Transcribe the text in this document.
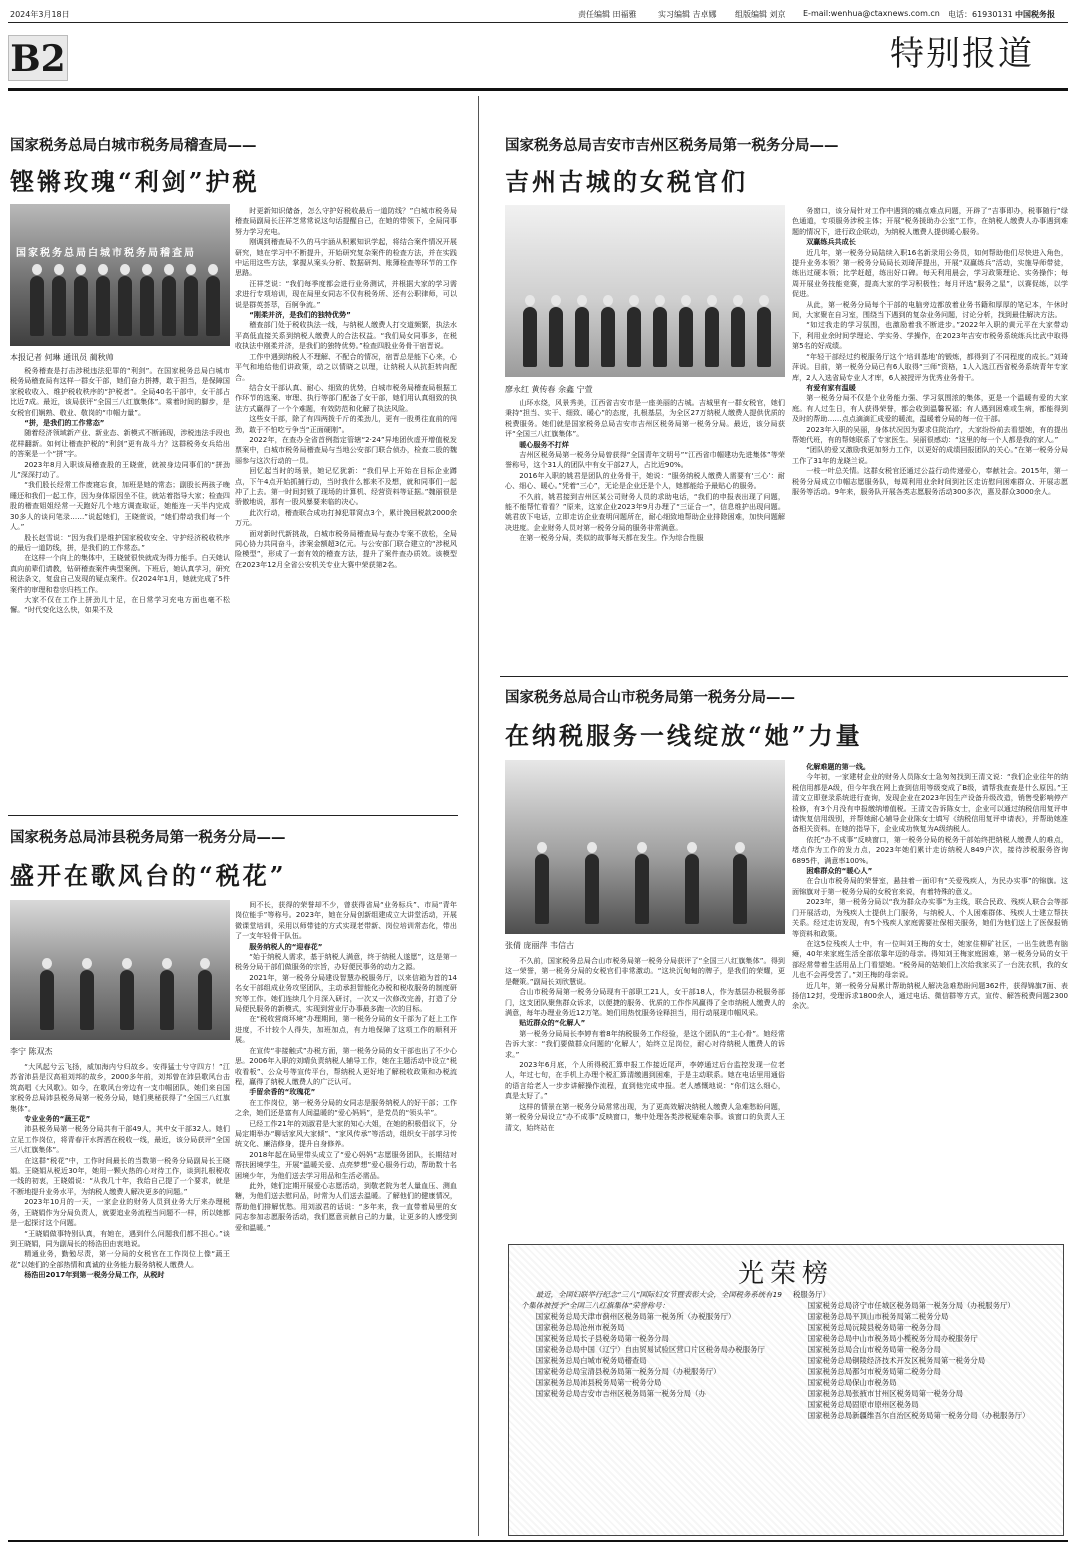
2024年3月18日	责任编辑 田福雅	实习编辑 吉卓娜 组版编辑 刘京 E-mail:wenhua@ctaxnews.com.cn 电话：61930131 中国税务报
B2	特别报道
国家税务总局白城市税务局稽查局——
铿锵玫瑰“利剑”护税
国家税务总局白城市税务局稽查局
本报记者 何琳 通讯员 蔺秋帅

税务稽查是打击涉税违法犯罪的“利剑”。在国家税务总局白城市税务局稽查局有这样一群女干部，她们奋力拼搏，敢于担当，是保障国家税收收入、维护税收秩序的“护税者”。全局40名干部中，女干部占比近7成。最近，该局获评“全国三八红旗集体”。乘着时间的脚步，是女税官们娴熟、敬业、敬岗的“巾帼力量”。

“拼，是我们的工作常态”

随着经济领域新产业、新业态、新模式不断涌现，涉税违法手段也花样翻新。如何让稽查护税的“利剑”更有战斗力？这群税务女兵给出的答案是一个“拼”字。

2023年8月入职该局稽查股的王晓萱，就被身边同事们的“拼劲儿”深深打动了。

“我们股长经常工作废寝忘食，加班是她的常态；副股长两孩子晚睡还和我们一起工作，因为身体原因坐不住，就站着指导大家；检查四股的稽查姐姐经常一天跑好几个地方调查取证，她能连一天半内完成30多人的谈问笔录……”说起她们，王晓萱说，“她们带动我们每一个人。”

股长赵雪说：“因为我们是维护国家税收安全、守护经济税收秩序的最后一道防线，拼，是我们的工作常态。”

在这样一个向上的集体中，王晓萱很快就成为得力能手。白天她认真向前辈们请教，钻研稽查案件典型案例。下班后，她认真学习，研究税法条文，复盘自己发现的疑点案件。仅2024年1月，她就完成了5件案件的审理和卷宗归档工作。

大家不仅在工作上拼劲儿十足，在日常学习充电方面也毫不松懈。“时代变化这么快，如果不及

时更新知识储备，怎么守护好税收最后一道防线？”白城市税务局稽查局副局长汪祥芝常常说这句话提醒自己，在她的带领下，全局同事努力学习充电。

刚调到稽查局不久的马宇涵从积累知识学起，将结合案件情况开展研究，她在学习中不断提升，开始研究复杂案件的检查方法，并在实践中运用这些方法，掌握从案头分析、数据研判、账簿检查等环节的工作思路。

汪祥芝说：“我们每季度都会进行业务测试，并根据大家的学习需求进行专项培训，现在局里女同志不仅有税务所、还有公职律师，可以说是群英荟萃，百舸争流。”

“刚柔并济，是我们的独特优势”

稽查部门处于税收执法一线，与纳税人缴费人打交道频繁，执法水平高低直接关系到纳税人缴费人的合法权益。“我们局女同事多，在税收执法中刚柔并济，是我们的独特优势。”检查四股业务骨干宿晋说。

工作中遇到纳税人不理解、不配合的情况，宿晋总是能下心来，心平气和地给他们讲政策，动之以情晓之以理，让纳税人从抗拒转向配合。

结合女干部认真、耐心、细致的优势，白城市税务局稽查局根据工作环节的选案、审理、执行等部门配备了女干部，她们用认真细致的执法方式赢得了一个个难题，有效防范和化解了执法风险。

这些女干部，除了有四两拨千斤的柔劲儿，更有一股勇往直前的闯劲，敢于不怕吃亏争当“正面硬刚”。

2022年，在查办全省首例指定管辖“2·24”异地团伙虚开增值税发票案中，白城市税务局稽查局与当地公安部门联合侦办，检查二股的魏丽参与这次行动的一员。

回忆起当时的场景，她记忆犹新：“我们早上开始在目标企业蹲点，下午4点开始抓捕行动，当时我什么都来不及想，就和同事们一起冲了上去。第一时间封锁了现场的计算机、经营资料等证据。”魏丽很是骄傲地说，那有一股风暴要来临的决心。

此次行动，稽查联合成功打掉犯罪窝点3个，累计挽回税款2000余万元。

面对新时代新挑战，白城市税务局稽查局与查办专案不放松，全局同心协力共同奋斗，涉案金额超3亿元。与公安部门联合建立的“涉税风险模型”，形成了一套有效的稽查方法，提升了案件查办质效。该模型在2023年12月全省公安机关专业大赛中荣获第2名。

国家税务总局沛县税务局第一税务分局——
盛开在歌风台的“税花”
李宁 陈双杰

“大风起兮云飞扬，威加海内兮归故乡。安得猛士兮守四方！”江苏省沛县是汉高祖刘邦的故乡，2000多年前，刘邦曾在沛县歌风台击筑高唱《大风歌》。如今，在歌风台旁边有一支巾帼团队，她们来自国家税务总局沛县税务局第一税务分局，她们奥秘获得了“全国三八红旗集体”。

专业业务的“蔬王花”

沛县税务局第一税务分局共有干部49人，其中女干部32人。她们立足工作岗位，将青春汗水挥洒在税收一线，最近，该分局获评“全国三八红旗集体”。

在这群“税花”中，工作时间最长的当数第一税务分局副局长王晓娟。王晓娟从税近30年，她用一颗火热的心对待工作，谈到扎根税收一线的初衷，王晓娟说：“从我几十年，我给自己提了一个要求，就是不断地提升业务水平，为纳税人缴费人解决更多的问题。”

2023年10月的一天，一家企业的财务人员到业务大厅来办理税务，王晓娟作为分局负责人，就要追业务流程当问题不一样，所以她都是一起探讨这个问题。

“王晓娟做事特别认真，有她在，遇到什么问题我们都不担心。”谈到王晓娟，同为副局长的杨浩田由衷地说。

精通业务，勤勉尽责，第一分局的女税官在工作岗位上像“蔬王花”以她们的全部热情和真诚的业务能力服务纳税人缴费人。

杨浩田2017年到第一税务分局工作，从税时

间不长，获得的荣誉却不少，曾获得省局“业务标兵”、市局“青年岗位能手”等称号。2023年，她在分局创新组建成立大讲堂活动，开展微课堂培训，采用以师带徒的方式实现老带新、岗位培训常态化，带出了一支年轻骨干队伍。

服务纳税人的“迎春花”

“始于纳税人需求，基于纳税人满意，终于纳税人遂愿”，这是第一税务分局干部们做服务的宗旨，办好便民事务的动力之源。

2021年，第一税务分局建设智慧办税服务厅，以来信箱为首的14名女干部组成业务攻坚团队，主动承担智能化办税和税收服务的制度研究等工作。她们连续几个月深入研讨，一次又一次修改完善，打造了分局便民服务的新模式，实现到营业厅办事最多跑一次的目标。

在“税收营商环境”办理期间，第一税务分局的女干部为了赶上工作进度，不计较个人得失，加班加点，有力地保障了这项工作的顺利开展。

在宣传“非接触式”办税方面，第一税务分局的女干部也出了不少心思。2006年入职的刘晴负责纳税人辅导工作，她在主题活动中设立“税收看板”、公众号等宣传平台，帮纳税人更好地了解税收政策和办税流程，赢得了纳税人缴费人的广泛认可。

手留余香的“玫瑰花”

在工作岗位，第一税务分局的女同志是服务纳税人的好干部；工作之余，她们还是富有人间温暖的“爱心妈妈”，是党员的“领头羊”。

已经工作21年的刘淑君是大家的知心大姐，在她的积极倡议下，分局定期举办“聊话家风大家倾”、“家风传承”等活动，组织女干部学习传统文化、廉洁修身，提升自身修养。

2018年起在局里带头成立了“爱心妈妈”志愿服务团队，长期结对帮扶困境学生，开展“温暖关爱、点亮梦想”爱心服务行动，帮助数十名困境少年，为他们送去学习用品和生活必需品。

此外，她们定期开展爱心志愿活动，到敬老院为老人量血压、测血糖，为他们送去慰问品，时常为人们送去温暖。了解他们的健康情况，帮助他们排解忧愁。用刘淑君的话说：“多年来，我一直带着局里的女同志参加志愿服务活动，我们愿意贡献自己的力量，让更多的人感受到爱和温暖。”

国家税务总局吉安市吉州区税务局第一税务分局——
吉州古城的女税官们
廖永红 黄传春 余鑫 宁萱

山环水绕，风景秀美，江西省吉安市是一座美丽的古城。吉城里有一群女税官，她们秉持“担当、实干、细致、暖心”的态度，扎根基层，为全区27万纳税人缴费人提供优质的税费服务。她们就是国家税务总局吉安市吉州区税务局第一税务分局。最近，该分局获评“全国三八红旗集体”。

暖心服务不打烊

吉州区税务局第一税务分局曾获得“全国青年文明号”“江西省巾帼建功先进集体”等荣誉称号，这个31人的团队中有女干部27人，占比近90%。

2016年入职的姚君是团队的业务骨干，她说：“服务纳税人缴费人需要有‘三心’：耐心、细心、暖心。”凭着“三心”，无论是企业还是个人，她都能给予最贴心的服务。

不久前，姚君接到吉州区某公司财务人员的求助电话，“我们的申报表出现了问题，能不能帮忙看看？”原来，这家企业2023年9月办理了“三证合一”，信息维护出现问题。姚君放下电话，立即走访企业查明问题所在，耐心细致地帮助企业排除困难，加快问题解决进度。企业财务人员对第一税务分局的服务非常满意。

在第一税务分局，类似的故事每天都在发生。作为综合性服

务窗口，该分局针对工作中遇到的痛点难点问题，开辟了“吉事即办，税事随行”绿色通道，专项服务涉税主体；开展“税务援助办公室”工作，在纳税人缴费人办事遇到难题的情况下，进行政企联动，为纳税人缴费人提供暖心服务。

双赢练兵共成长

近几年，第一税务分局陆续入职16名新录用公务员，如何帮助他们尽快进入角色，提升业务本领？第一税务分局局长刘琦萍提出，开展“双赢练兵”活动，实施导师带徒，练出过硬本领；比学赶超，练出好口碑。每天利用晨会，学习政策理论、实务操作；每周开展业务技能竞赛，提高大家的学习积极性；每月评选“服务之星”，以赛促练，以学促进。

从此，第一税务分局每个干部的电脑旁边都放着业务书籍和厚厚的笔记本，午休时间，大家聚在自习室，围绕当下遇到的复杂业务问题，讨论分析，找到最佳解决方法。

“如过我走的学习氛围，也激励着我不断进步。”2022年入职的黄元平在大家带动下，利用业余时间学理论、学实务、学操作，在2023年吉安市税务系统练兵比武中取得第5名的好成绩。

“年轻干部经过约税服务厅这个‘培训基地’的锻炼，都得到了不同程度的成长。”刘琦萍说。目前，第一税务分局已有6人取得“三师”资格，1人入选江西省税务系统青年专家库，2人入选省局专业人才库，6人被授评为优秀业务骨干。

有爱有家有温暖

第一税务分局不仅是个业务能力强、学习氛围浓的集体，更是一个温暖有爱的大家庭。有人过生日，有人获得荣誉，都会收到温馨祝福；有人遇到困难或生病，都能得到及时的帮助……点点滴滴汇成爱的暖流，温暖着分局的每一位干部。

2023年入职的吴丽，身体状况因为要求住院治疗，大家纷纷前去看望她，有的提出帮她代班，有的帮她联系了专家医生。吴丽很感动：“这里的每一个人都是我的家人。”

“团队的爱又激励我更加努力工作，以更好的成绩回报团队的关心。”在第一税务分局工作了31年的龙晓兰说。

一枝一叶总关情。这群女税官还通过公益行动传递爱心，奉献社会。2015年，第一税务分局成立巾帼志愿服务队，每周利用业余时间到社区走访慰问困难群众、开展志愿服务等活动。9年来，服务队开展各类志愿服务活动300多次，惠及群众3000余人。

国家税务总局合山市税务局第一税务分局——
在纳税服务一线绽放“她”力量
张倩 庞丽萍 韦信古

不久前，国家税务总局合山市税务局第一税务分局获评了“全国三八红旗集体”。得到这一荣誉，第一税务分局的女税官们非常激动。“这块沉甸甸的牌子，是我们的荣耀，更是鞭策。”副局长刘欣慧说。

合山市税务局第一税务分局现有干部职工21人，女干部18人，作为基层办税服务部门，这支团队聚焦群众诉求，以便捷的服务、优质的工作作风赢得了全市纳税人缴费人的满意，每年办理业务近12万笔。她们用热忱服务诠释担当，用行动展现巾帼风采。

贴近群众的“化解人”

第一税务分局局长李婷有着8年纳税服务工作经验，是这个团队的“主心骨”。她经常告诉大家：“我们要做群众问题的‘化解人’，始终立足岗位，耐心对待纳税人缴费人的诉求。”

2023年6月底，个人所得税汇算申报工作接近尾声，李婷通过后台监控发现一位老人，年过七旬，在手机上办理个税汇算清缴遇到困难，于是主动联系。她在电话里用通俗的语言给老人一步步讲解操作流程，直到他完成申报。老人感慨地说：“你们这么细心，真是太好了。”

这样的情景在第一税务分局常常出现，为了更高效解决纳税人缴费人急难愁盼问题，第一税务分局设立“办不成事”反映窗口，集中处理各类涉税疑难杂事。该窗口的负责人王清文，始终站在

化解难题的第一线。

今年初，一家建材企业的财务人员陈女士急匆匆找到王清文说：“我们企业往年的纳税信用都是A级，但今年我在网上查到信用等级变成了B级，请帮我查查是什么原因。”王清文立即登录系统进行查询，发现企业在2023年因生产设备升级改造，销售受影响停产检修，有3个月没有申报缴纳增值税。王清文告诉陈女士，企业可以通过纳税信用复评申请恢复信用级别，并帮她耐心辅导企业陈女士填写《纳税信用复评申请表》，并帮助她准备相关资料。在她的指导下，企业成功恢复为A级纳税人。

依托“办不成事”反映窗口，第一税务分局的税务干部始终把纳税人缴费人的难点，堵点作为工作的发力点，2023年她们累计走访纳税人849户次，接待涉税服务咨询6895件，满意率100%。

困难群众的“暖心人”

在合山市税务局的荣誉室，悬挂着一面印有“关爱残疾人，为民办实事”的锦旗。这面锦旗对于第一税务分局的女税官来说，有着特殊的意义。

2023年，第一税务分局以“我为群众办实事”为主线，联合民政、残疾人联合会等部门开展活动，为残疾人士提供上门服务，与纳税人、个人困难群体、残疾人士建立帮扶关系。经过走访发现，有5个残疾人家庭需要社保相关服务，她们为他们送上了医保报销等资料和政策。

在这5位残疾人士中，有一位叫刘王梅的女士，她家住柳矿社区，一出生就患有脑瘫，40年来家庭生活全部依靠年迈的母亲。得知刘王梅家庭困难，第一税务分局的女干部经常带着生活用品上门看望她。“税务局的姑娘们上次给我家买了一台洗衣机，我的女儿也不会再受苦了。”刘王梅的母亲说。

近几年，第一税务分局累计帮助纳税人解决急难愁盼问题362件，获得锦旗7面、表扬信12封，受理诉求1800余人，通过电话、微信群等方式，宣传、解答税费问题2300余次。

光荣榜
最近，全国妇联举行纪念“三八”国际妇女节暨表彰大会，全国税务系统有19个集体被授予“全国三八红旗集体”荣誉称号：
国家税务总局天津市蓟州区税务局第一税务所（办税服务厅）
国家税务总局沧州市税务局
国家税务总局长子县税务局第一税务分局
国家税务总局中国（辽宁）自由贸易试验区营口片区税务局办税服务厅
国家税务总局白城市税务局稽查局
国家税务总局宝清县税务局第一税务分局（办税服务厅）
国家税务总局沛县税务局第一税务分局
国家税务总局吉安市吉州区税务局第一税务分局（办
税服务厅）
国家税务总局济宁市任城区税务局第一税务分局（办税服务厅）
国家税务总局平顶山市税务局第二税务分局
国家税务总局沅陵县税务局第一税务分局
国家税务总局中山市税务局小榄税务分局办税服务厅
国家税务总局合山市税务局第一税务分局
国家税务总局铜陵经济技术开发区税务局第一税务分局
国家税务总局都匀市税务局第二税务分局
国家税务总局保山市税务局
国家税务总局张掖市甘州区税务局第一税务分局
国家税务总局固原市原州区税务局
国家税务总局新疆维吾尔自治区税务局第一税务分局（办税服务厅）
